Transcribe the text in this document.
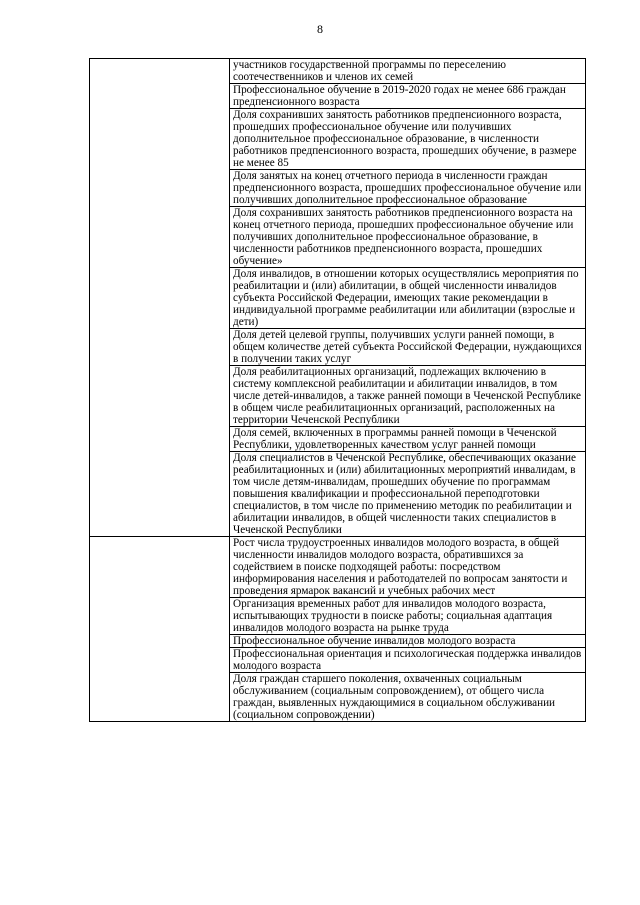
8
	участников государственной программы по переселению соотечественников и членов их семей
	Профессиональное обучение в 2019-2020 годах не менее 686 граждан предпенсионного возраста
	Доля сохранивших занятость работников предпенсионного возраста, прошедших профессиональное обучение или получивших дополнительное профессиональное образование, в численности работников предпенсионного возраста, прошедших обучение, в размере не менее 85
	Доля занятых на конец отчетного периода в численности граждан предпенсионного возраста, прошедших профессиональное обучение или получивших дополнительное профессиональное образование
	Доля сохранивших занятость работников предпенсионного возраста на конец отчетного периода, прошедших профессиональное обучение или получивших дополнительное профессиональное образование, в численности работников предпенсионного возраста, прошедших обучение»
	Доля инвалидов, в отношении которых осуществлялись мероприятия по реабилитации и (или) абилитации, в общей численности инвалидов субъекта Российской Федерации, имеющих такие рекомендации в индивидуальной программе реабилитации или абилитации (взрослые и дети)
	Доля детей целевой группы, получивших услуги ранней помощи, в общем количестве детей субъекта Российской Федерации, нуждающихся в получении таких услуг
	Доля реабилитационных организаций, подлежащих включению в систему комплексной реабилитации и абилитации инвалидов, в том числе детей-инвалидов, а также ранней помощи в Чеченской Республике в общем числе реабилитационных организаций, расположенных на территории Чеченской Республики
	Доля семей, включенных в программы ранней помощи в Чеченской Республики, удовлетворенных качеством услуг ранней помощи
	Доля специалистов в Чеченской Республике, обеспечивающих оказание реабилитационных и (или) абилитационных мероприятий инвалидам, в том числе детям-инвалидам, прошедших обучение по программам повышения квалификации и профессиональной переподготовки специалистов, в том числе по применению методик по реабилитации и абилитации инвалидов, в общей численности таких специалистов в Чеченской Республики
	Рост числа трудоустроенных инвалидов молодого возраста, в общей численности инвалидов молодого возраста, обратившихся за содействием в поиске подходящей работы: посредством информирования населения и работодателей по вопросам занятости и проведения ярмарок вакансий и учебных рабочих мест
	Организация временных работ для инвалидов молодого возраста, испытывающих трудности в поиске работы; социальная адаптация инвалидов молодого возраста на рынке труда
	Профессиональное обучение инвалидов молодого возраста
	Профессиональная ориентация и психологическая поддержка инвалидов молодого возраста
	Доля граждан старшего поколения, охваченных социальным обслуживанием (социальным сопровождением), от общего числа граждан, выявленных нуждающимися в социальном обслуживании (социальном сопровождении)
